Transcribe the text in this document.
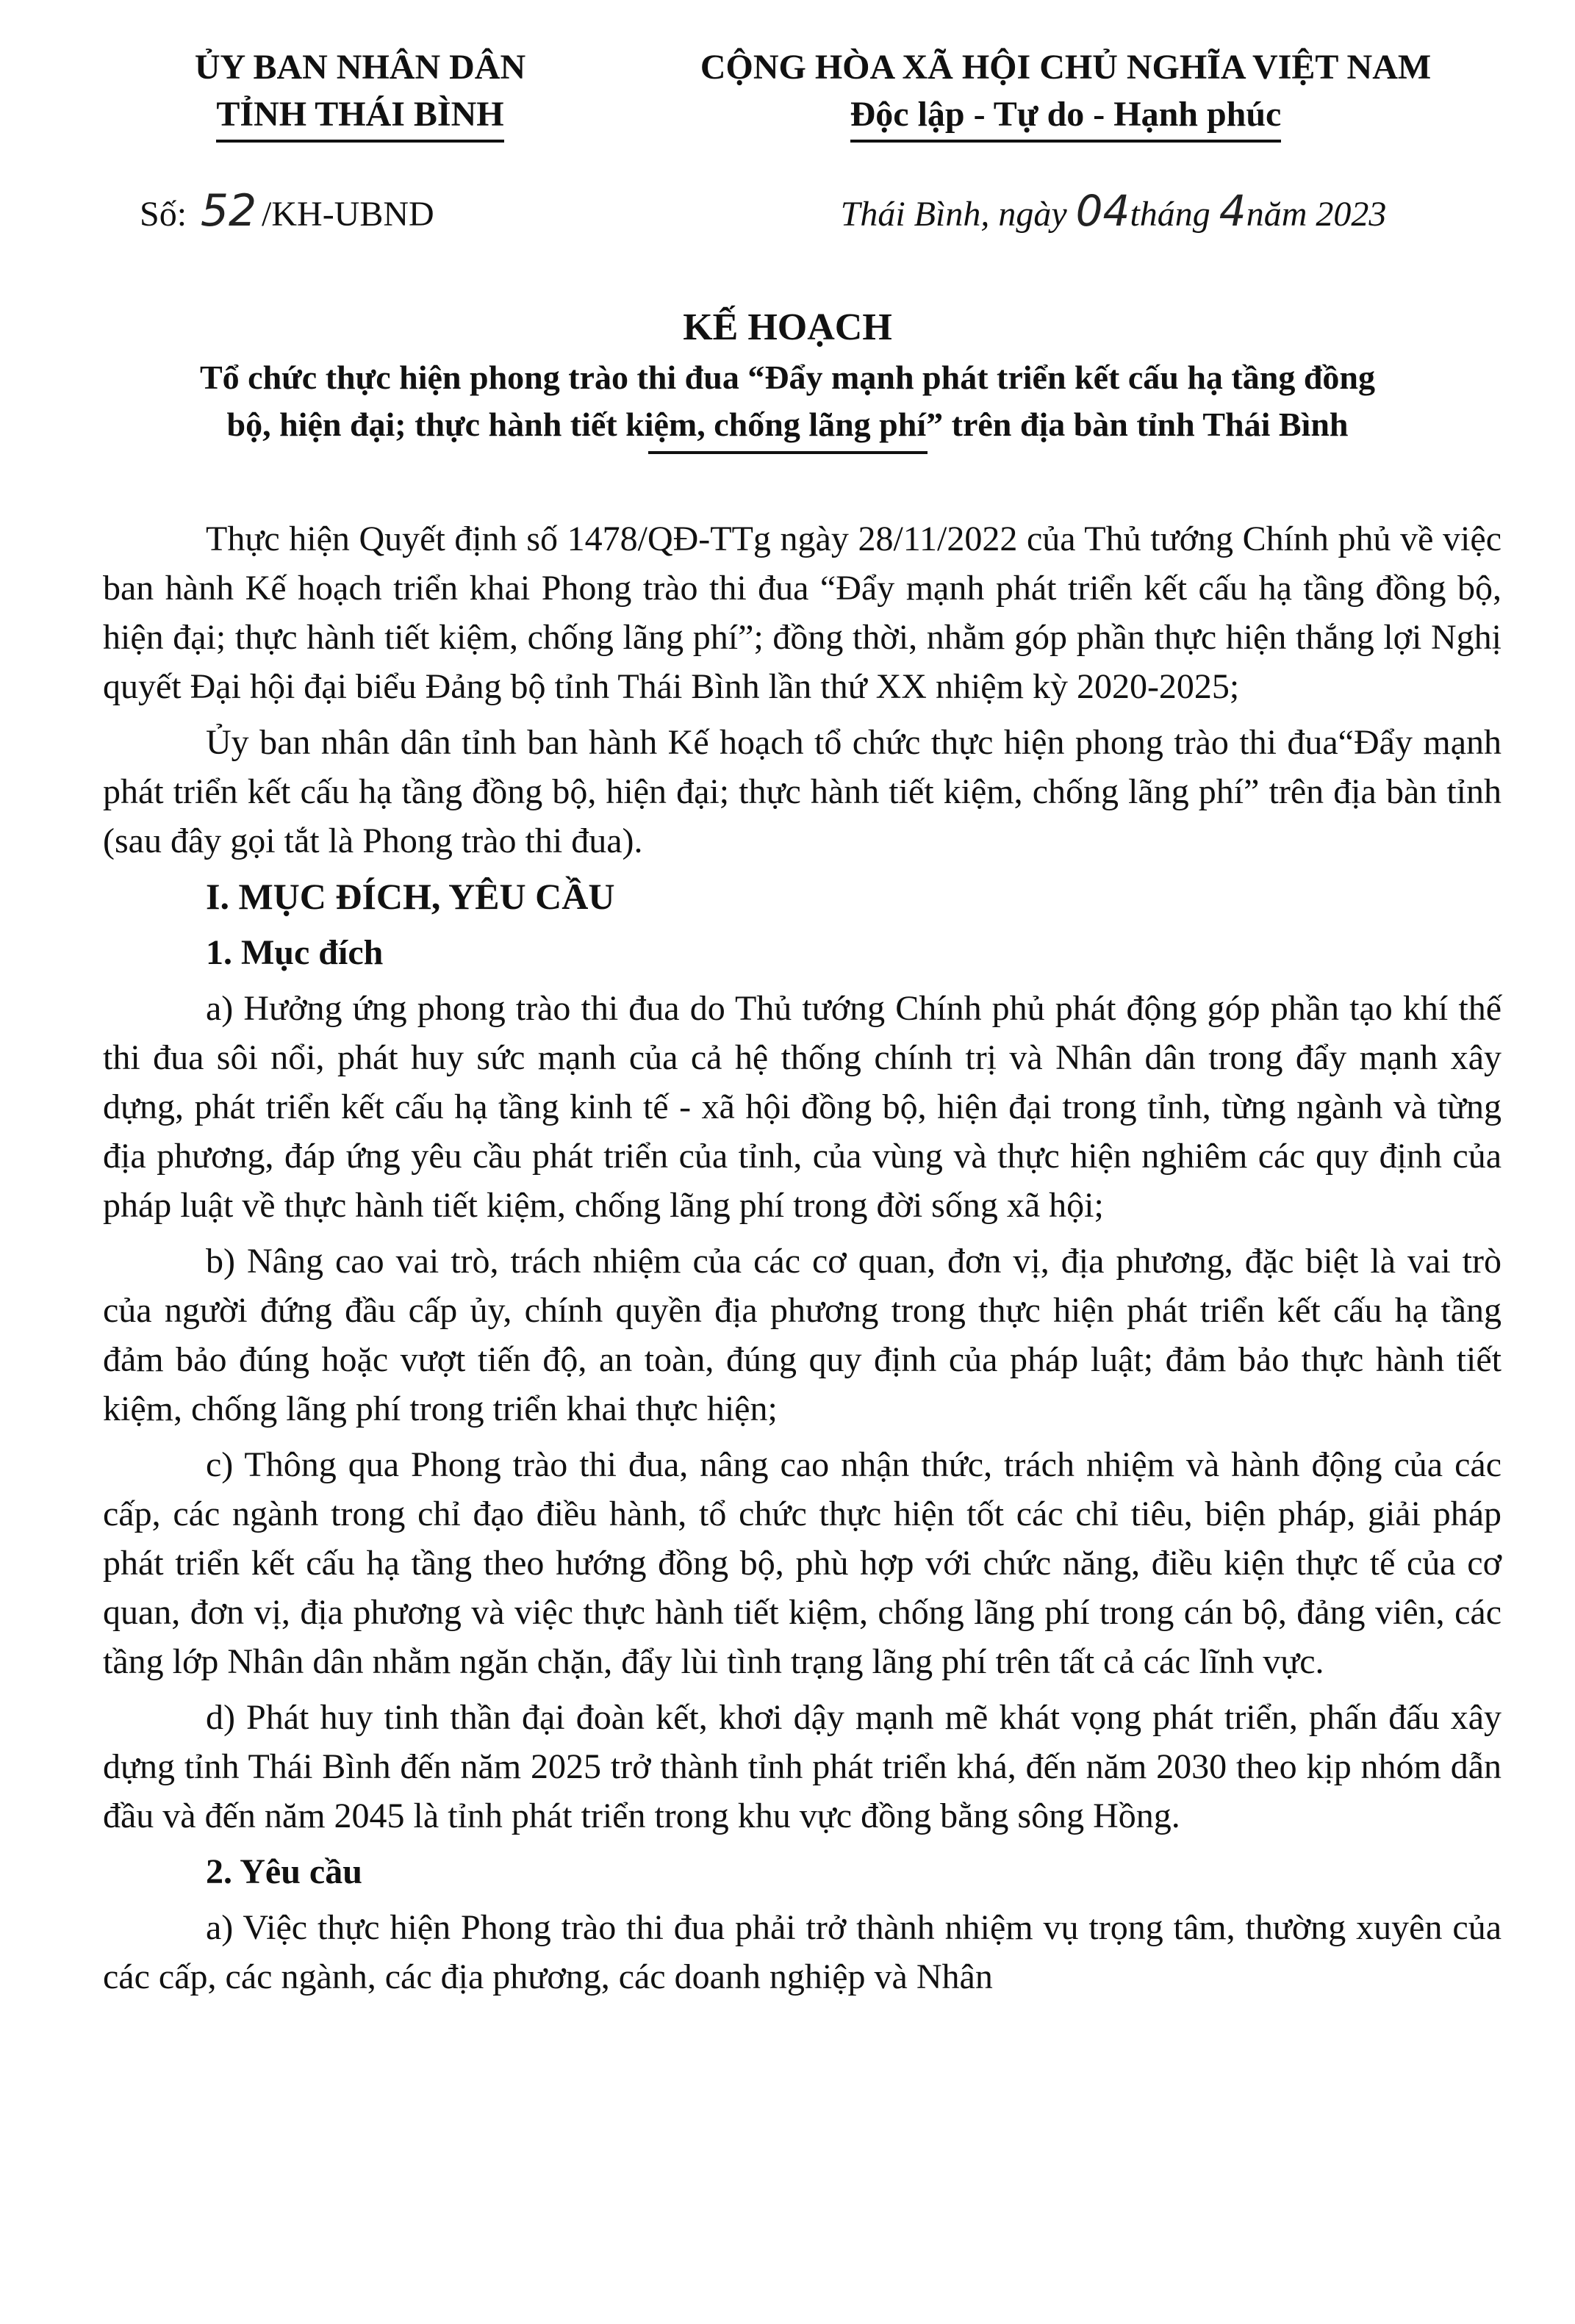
ỦY BAN NHÂN DÂN
TỈNH THÁI BÌNH
CỘNG HÒA XÃ HỘI CHỦ NGHĨA VIỆT NAM
Độc lập - Tự do - Hạnh phúc
Số: 52 /KH-UBND	Thái Bình, ngày 04tháng 4năm 2023
KẾ HOẠCH
Tổ chức thực hiện phong trào thi đua “Đẩy mạnh phát triển kết cấu hạ tầng đồng
bộ, hiện đại; thực hành tiết kiệm, chống lãng phí” trên địa bàn tỉnh Thái Bình

Thực hiện Quyết định số 1478/QĐ-TTg ngày 28/11/2022 của Thủ tướng Chính phủ về việc ban hành Kế hoạch triển khai Phong trào thi đua “Đẩy mạnh phát triển kết cấu hạ tầng đồng bộ, hiện đại; thực hành tiết kiệm, chống lãng phí”; đồng thời, nhằm góp phần thực hiện thắng lợi Nghị quyết Đại hội đại biểu Đảng bộ tỉnh Thái Bình lần thứ XX nhiệm kỳ 2020-2025;

Ủy ban nhân dân tỉnh ban hành Kế hoạch tổ chức thực hiện phong trào thi đua“Đẩy mạnh phát triển kết cấu hạ tầng đồng bộ, hiện đại; thực hành tiết kiệm, chống lãng phí” trên địa bàn tỉnh (sau đây gọi tắt là Phong trào thi đua).

I. MỤC ĐÍCH, YÊU CẦU
1. Mục đích

a) Hưởng ứng phong trào thi đua do Thủ tướng Chính phủ phát động góp phần tạo khí thế thi đua sôi nổi, phát huy sức mạnh của cả hệ thống chính trị và Nhân dân trong đẩy mạnh xây dựng, phát triển kết cấu hạ tầng kinh tế - xã hội đồng bộ, hiện đại trong tỉnh, từng ngành và từng địa phương, đáp ứng yêu cầu phát triển của tỉnh, của vùng và thực hiện nghiêm các quy định của pháp luật về thực hành tiết kiệm, chống lãng phí trong đời sống xã hội;

b) Nâng cao vai trò, trách nhiệm của các cơ quan, đơn vị, địa phương, đặc biệt là vai trò của người đứng đầu cấp ủy, chính quyền địa phương trong thực hiện phát triển kết cấu hạ tầng đảm bảo đúng hoặc vượt tiến độ, an toàn, đúng quy định của pháp luật; đảm bảo thực hành tiết kiệm, chống lãng phí trong triển khai thực hiện;

c) Thông qua Phong trào thi đua, nâng cao nhận thức, trách nhiệm và hành động của các cấp, các ngành trong chỉ đạo điều hành, tổ chức thực hiện tốt các chỉ tiêu, biện pháp, giải pháp phát triển kết cấu hạ tầng theo hướng đồng bộ, phù hợp với chức năng, điều kiện thực tế của cơ quan, đơn vị, địa phương và việc thực hành tiết kiệm, chống lãng phí trong cán bộ, đảng viên, các tầng lớp Nhân dân nhằm ngăn chặn, đẩy lùi tình trạng lãng phí trên tất cả các lĩnh vực.

d) Phát huy tinh thần đại đoàn kết, khơi dậy mạnh mẽ khát vọng phát triển, phấn đấu xây dựng tỉnh Thái Bình đến năm 2025 trở thành tỉnh phát triển khá, đến năm 2030 theo kịp nhóm dẫn đầu và đến năm 2045 là tỉnh phát triển trong khu vực đồng bằng sông Hồng.

2. Yêu cầu

a) Việc thực hiện Phong trào thi đua phải trở thành nhiệm vụ trọng tâm, thường xuyên của các cấp, các ngành, các địa phương, các doanh nghiệp và Nhân
